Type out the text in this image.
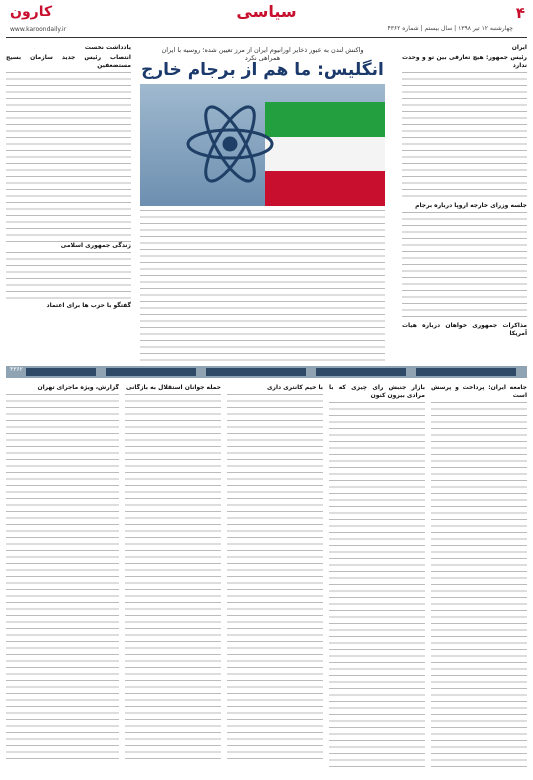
۴
سیاسی
چهارشنبه ۱۲ تیر ۱۳۹۸ | سال بیستم | شماره ۴۳۶۲
کارون
www.karoondaily.ir
ایران
رئیس جمهور: هیچ تعارفی بین تو و وحدت ندارد
جلسه وزرای خارجه اروپا درباره برجام
مذاکرات جمهوری خواهان درباره هیات آمریکا
یادداشت نخست
انتصاب رئیس جدید سازمان بسیج مستضعفین
زندگی جمهوری اسلامی
گفتگو با حزب ها برای اعتماد
واکنش لندن به عبور ذخایر اورانیوم ایران از مرز تعیین شده؛ روسیه با ایران همراهی نکرد
انگلیس: ما هم از برجام خارج
۴۳۶۲
جامعه ایران: پرداخت و پرسش است
بازار جنبش رای چیزی که با مرادی بیرون کنون
با خیم کانتری داری
حمله جوانان استقلال به بازگانی
گزارش، ویژه ماجرای تهران
